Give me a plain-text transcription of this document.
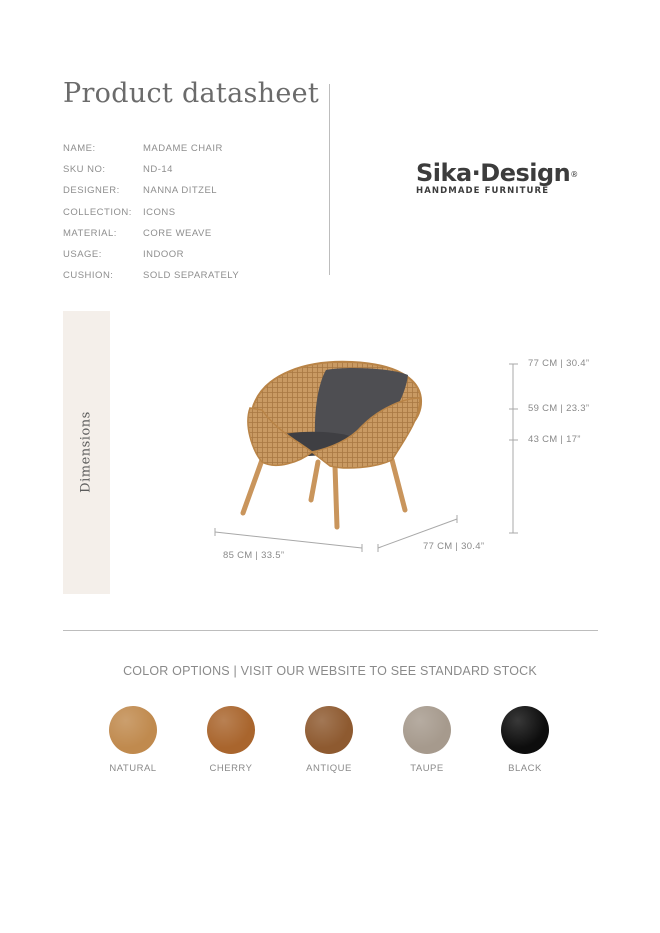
Product datasheet
NAME:	MADAME CHAIR
SKU NO:	ND-14
DESIGNER:	NANNA DITZEL
COLLECTION:	ICONS
MATERIAL:	CORE WEAVE
USAGE:	INDOOR
CUSHION:	SOLD SEPARATELY
Sika·Design®
HANDMADE FURNITURE
Dimensions
77 CM | 30.4”
59 CM | 23.3”
43 CM | 17”
85 CM | 33.5”
77 CM | 30.4”
COLOR OPTIONS | VISIT OUR WEBSITE TO SEE STANDARD STOCK
NATURAL	CHERRY	ANTIQUE	TAUPE	BLACK
